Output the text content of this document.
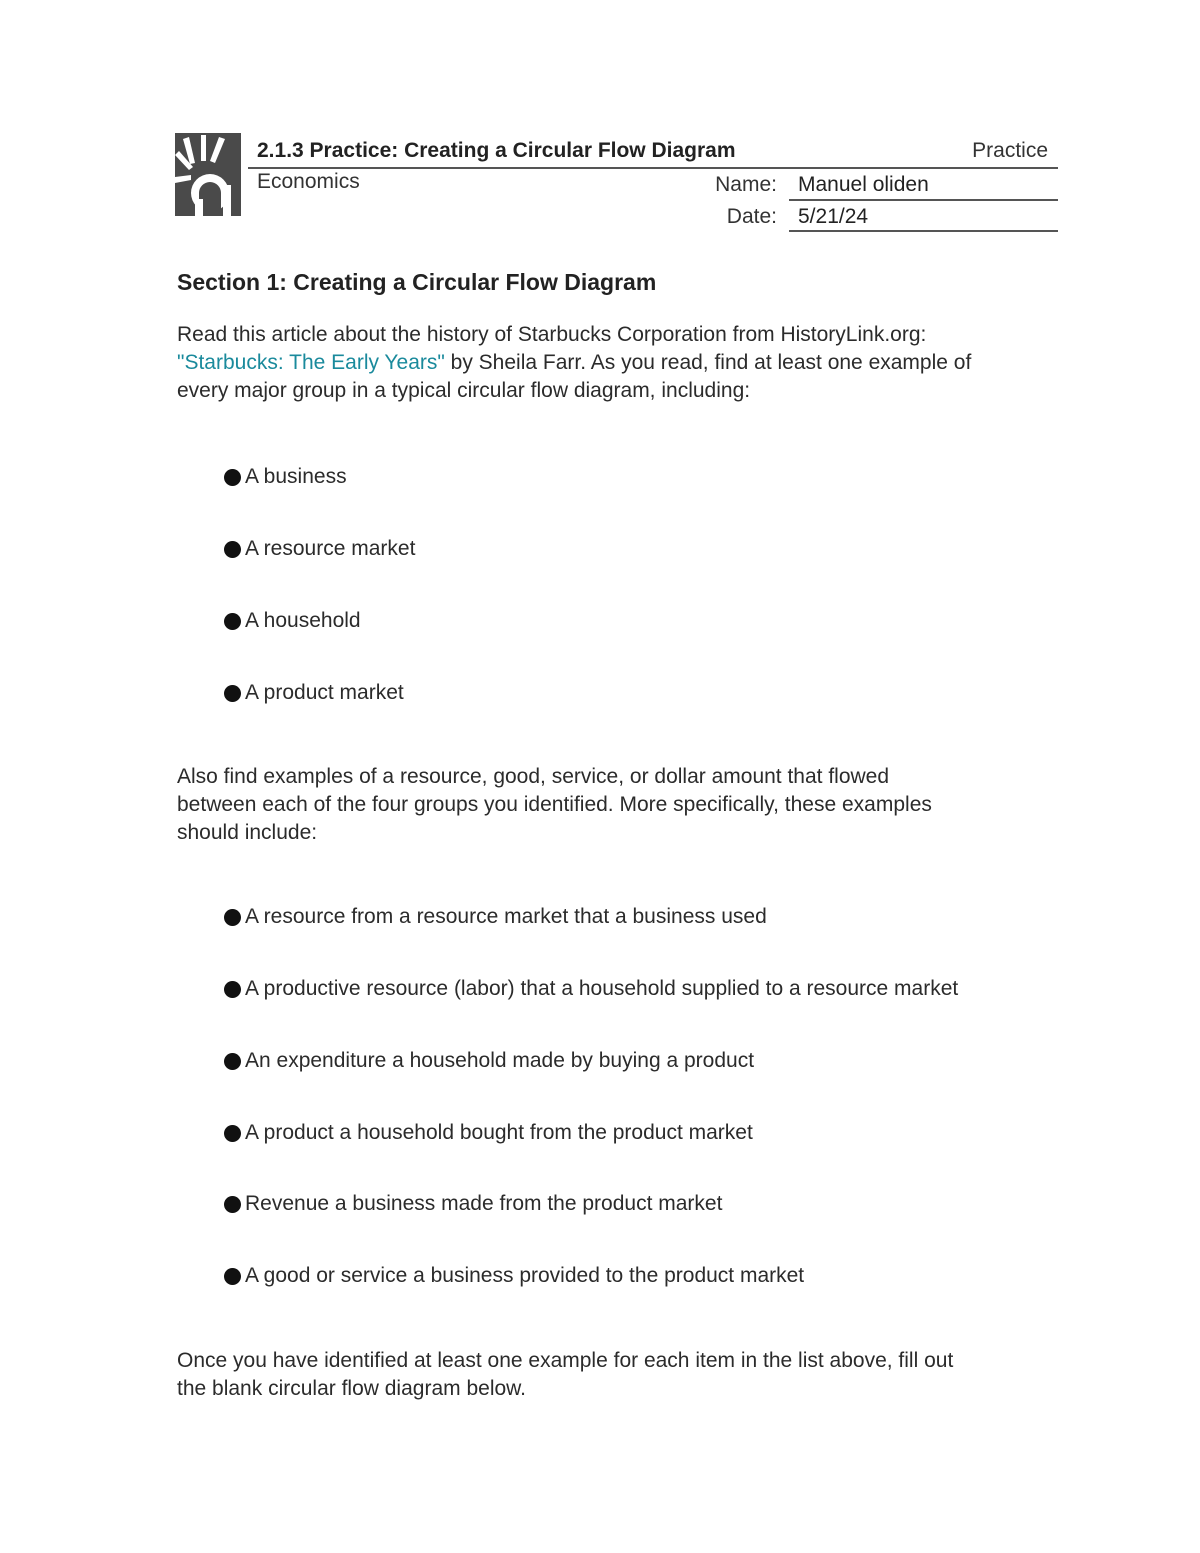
2.1.3 Practice: Creating a Circular Flow Diagram	Practice
Economics	Name: Manuel oliden
Date: 5/21/24
Section 1: Creating a Circular Flow Diagram
Read this article about the history of Starbucks Corporation from HistoryLink.org:
"Starbucks: The Early Years" by Sheila Farr. As you read, find at least one example of
every major group in a typical circular flow diagram, including:
A business
A resource market
A household
A product market
Also find examples of a resource, good, service, or dollar amount that flowed
between each of the four groups you identified. More specifically, these examples
should include:
A resource from a resource market that a business used
A productive resource (labor) that a household supplied to a resource market
An expenditure a household made by buying a product
A product a household bought from the product market
Revenue a business made from the product market
A good or service a business provided to the product market
Once you have identified at least one example for each item in the list above, fill out
the blank circular flow diagram below.
